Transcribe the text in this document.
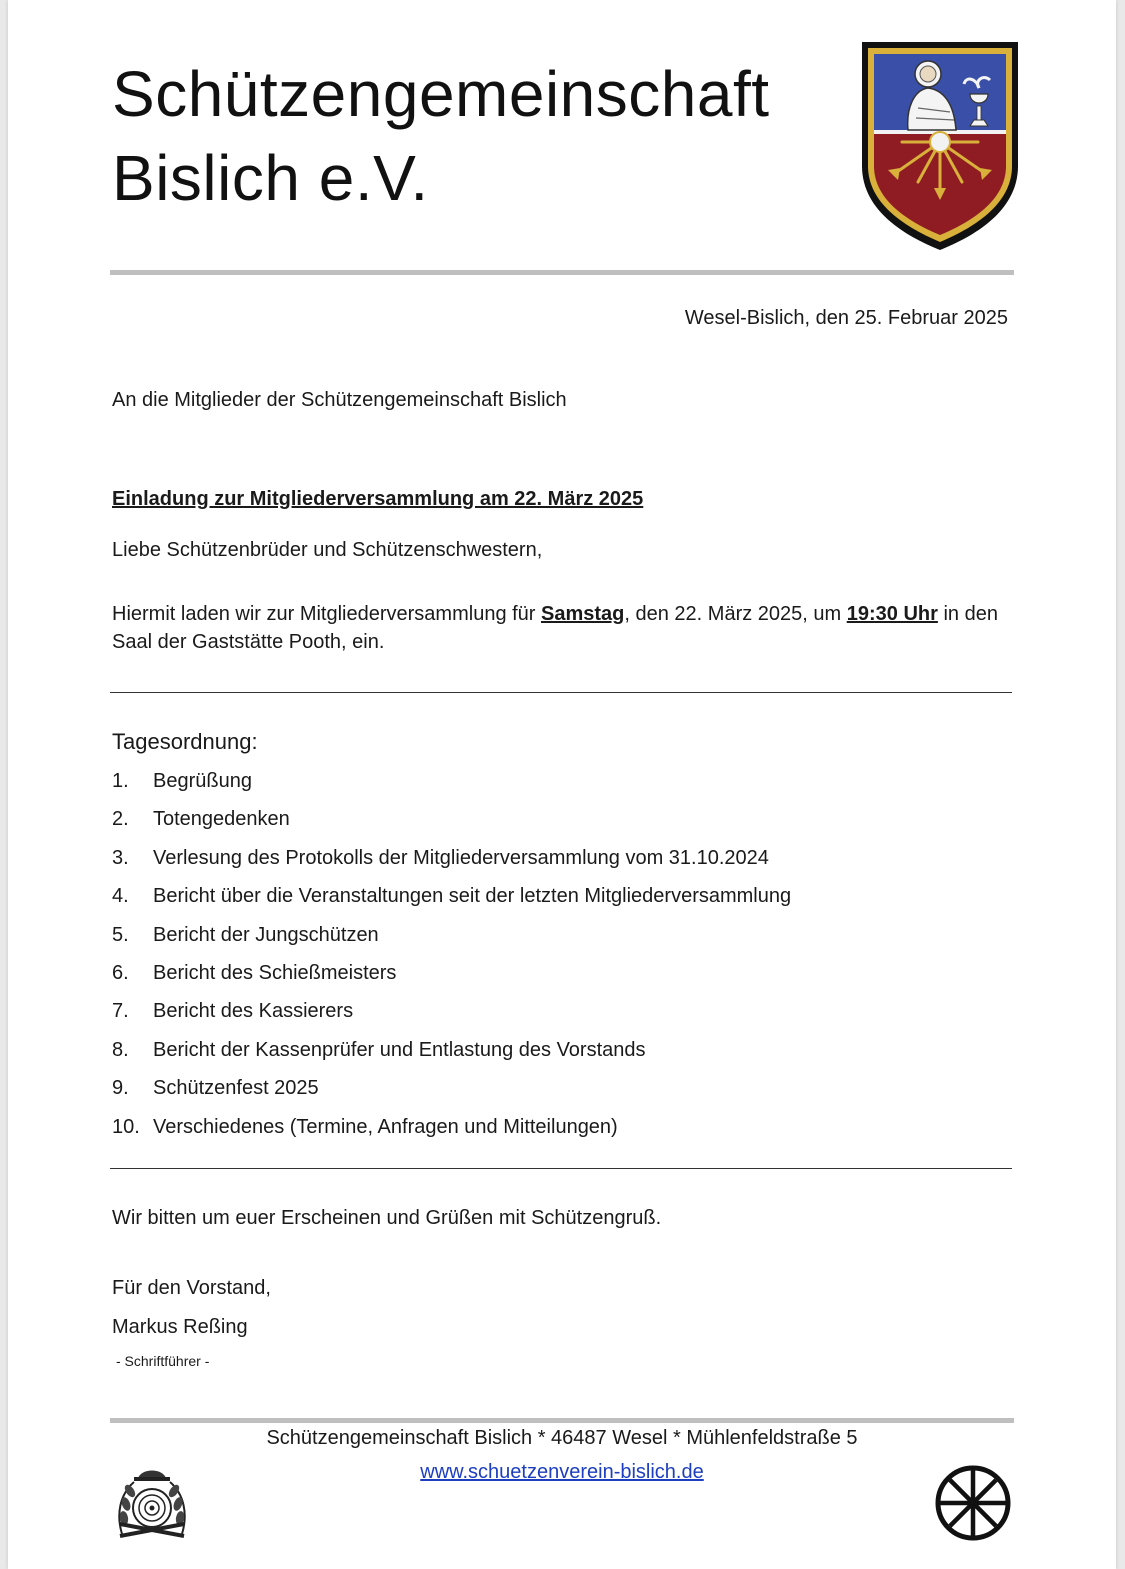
Schützengemeinschaft
Bislich e.V.
Wesel-Bislich, den 25. Februar 2025
An die Mitglieder der Schützengemeinschaft Bislich
Einladung zur Mitgliederversammlung am 22. März 2025
Liebe Schützenbrüder und Schützenschwestern,
Hiermit laden wir zur Mitgliederversammlung für Samstag, den 22. März 2025, um 19:30 Uhr in den Saal der Gaststätte Pooth, ein.
Tagesordnung:
1.	Begrüßung
2.	Totengedenken
3.	Verlesung des Protokolls der Mitgliederversammlung vom 31.10.2024
4.	Bericht über die Veranstaltungen seit der letzten Mitgliederversammlung
5.	Bericht der Jungschützen
6.	Bericht des Schießmeisters
7.	Bericht des Kassierers
8.	Bericht der Kassenprüfer und Entlastung des Vorstands
9.	Schützenfest 2025
10. Verschiedenes (Termine, Anfragen und Mitteilungen)
Wir bitten um euer Erscheinen und Grüßen mit Schützengruß.
Für den Vorstand,
Markus Reßing
- Schriftführer -
Schützengemeinschaft Bislich * 46487 Wesel * Mühlenfeldstraße 5
www.schuetzenverein-bislich.de
